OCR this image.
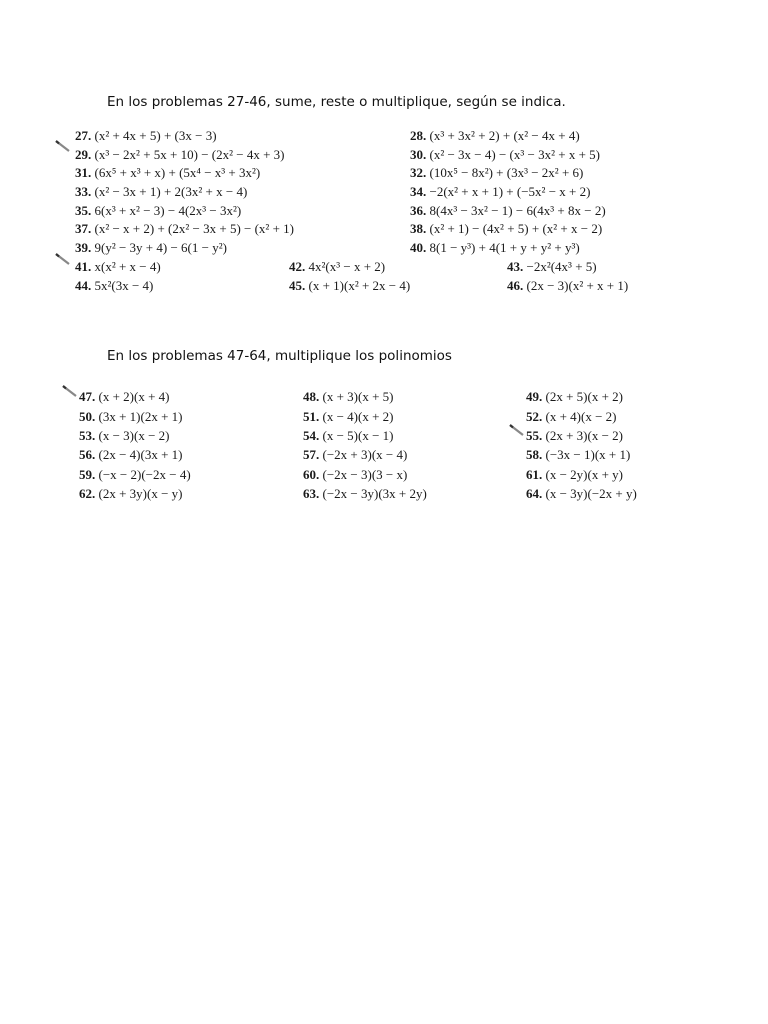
En los problemas 27-46, sume, reste o multiplique, según se indica.
27. (x² + 4x + 5) + (3x − 3)	28. (x³ + 3x² + 2) + (x² − 4x + 4)
29. (x³ − 2x² + 5x + 10) − (2x² − 4x + 3)	30. (x² − 3x − 4) − (x³ − 3x² + x + 5)
31. (6x⁵ + x³ + x) + (5x⁴ − x³ + 3x²)	32. (10x⁵ − 8x²) + (3x³ − 2x² + 6)
33. (x² − 3x + 1) + 2(3x² + x − 4)	34. −2(x² + x + 1) + (−5x² − x + 2)
35. 6(x³ + x² − 3) − 4(2x³ − 3x²)	36. 8(4x³ − 3x² − 1) − 6(4x³ + 8x − 2)
37. (x² − x + 2) + (2x² − 3x + 5) − (x² + 1)	38. (x² + 1) − (4x² + 5) + (x² + x − 2)
39. 9(y² − 3y + 4) − 6(1 − y²)	40. 8(1 − y³) + 4(1 + y + y² + y³)
41. x(x² + x − 4)	42. 4x²(x³ − x + 2)	43. −2x²(4x³ + 5)
44. 5x²(3x − 4)	45. (x + 1)(x² + 2x − 4)	46. (2x − 3)(x² + x + 1)
En los problemas 47-64, multiplique los polinomios
47. (x + 2)(x + 4)	48. (x + 3)(x + 5)	49. (2x + 5)(x + 2)
50. (3x + 1)(2x + 1)	51. (x − 4)(x + 2)	52. (x + 4)(x − 2)
53. (x − 3)(x − 2)	54. (x − 5)(x − 1)	55. (2x + 3)(x − 2)
56. (2x − 4)(3x + 1)	57. (−2x + 3)(x − 4)	58. (−3x − 1)(x + 1)
59. (−x − 2)(−2x − 4)	60. (−2x − 3)(3 − x)	61. (x − 2y)(x + y)
62. (2x + 3y)(x − y)	63. (−2x − 3y)(3x + 2y)	64. (x − 3y)(−2x + y)
